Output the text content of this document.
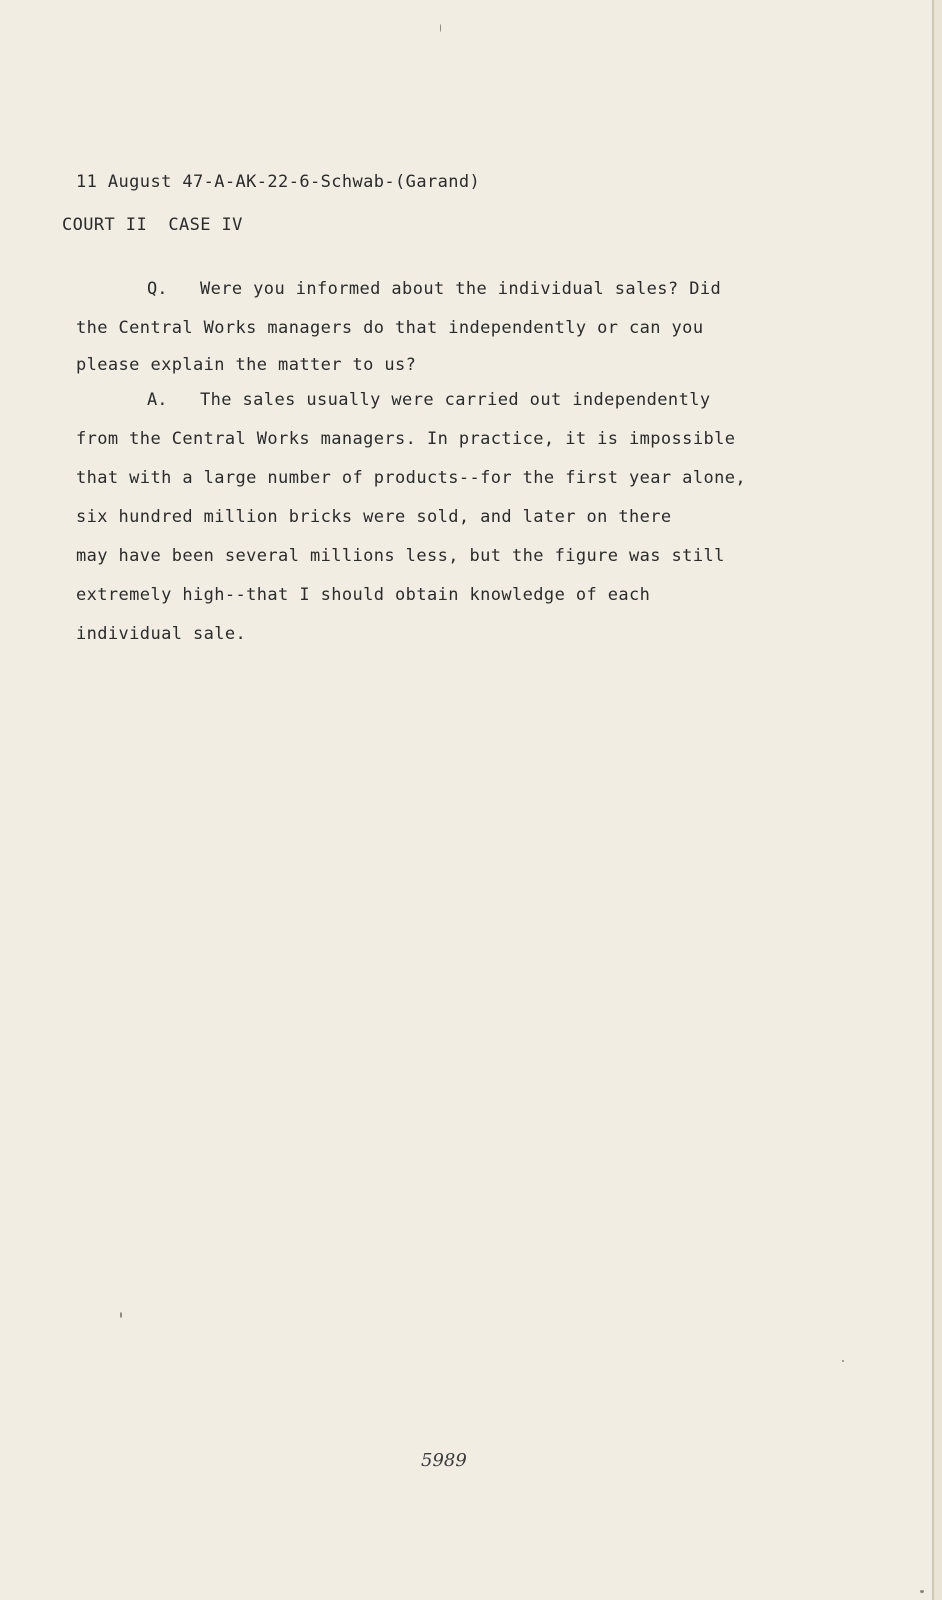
11 August 47-A-AK-22-6-Schwab-(Garand)
COURT II  CASE IV
Q. Were you informed about the individual sales? Did
the Central Works managers do that independently or can you
please explain the matter to us?
A. The sales usually were carried out independently
from the Central Works managers. In practice, it is impossible
that with a large number of products--for the first year alone,
six hundred million bricks were sold, and later on there
may have been several millions less, but the figure was still
extremely high--that I should obtain knowledge of each
individual sale.
5989
